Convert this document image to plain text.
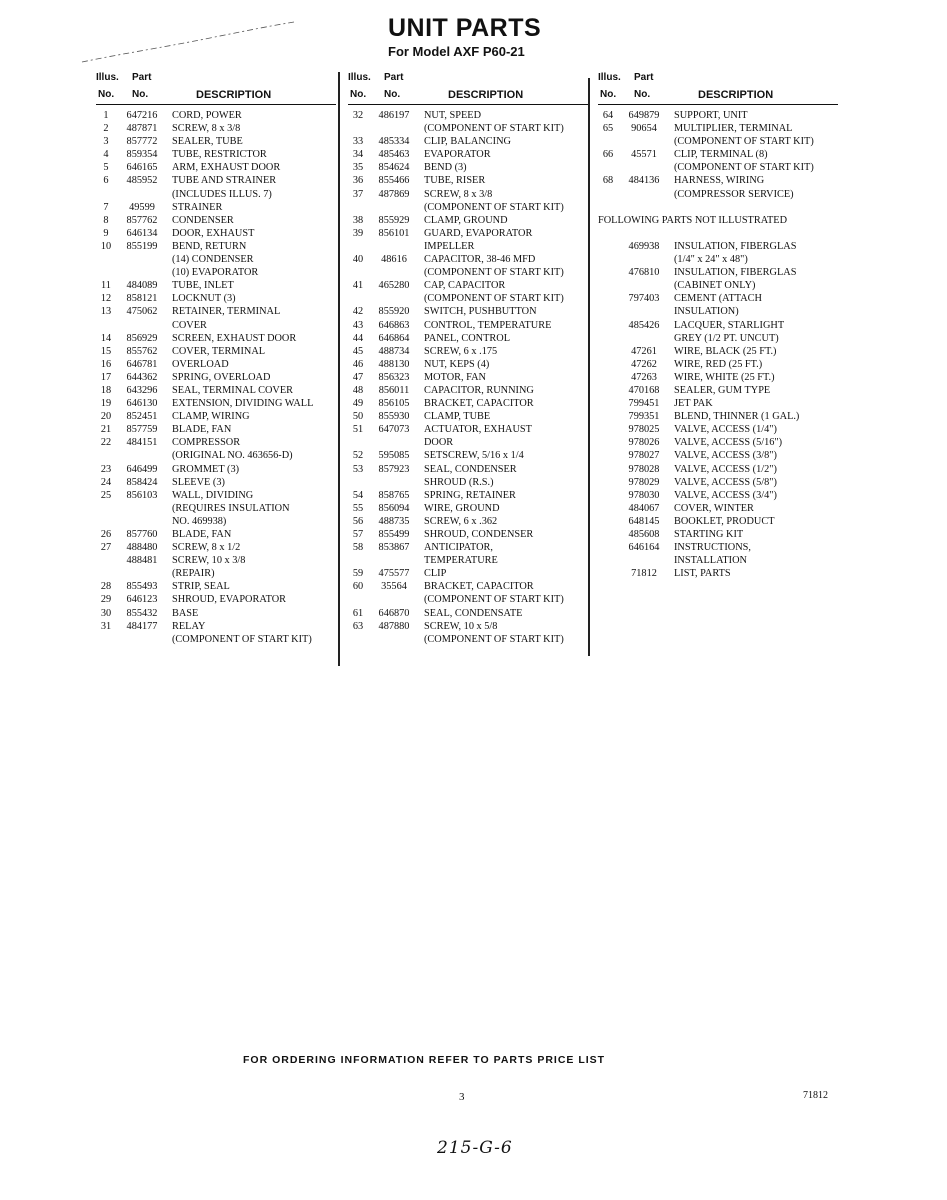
UNIT PARTS
For Model AXF P60-21
Illus.
No.
Part
No.	DESCRIPTION
1	647216	CORD, POWER
2	487871	SCREW, 8 x 3/8
3	857772	SEALER, TUBE
4	859354	TUBE, RESTRICTOR
5	646165	ARM, EXHAUST DOOR
6	485952	TUBE AND STRAINER

(INCLUDES ILLUS. 7)
7	49599	STRAINER
8	857762	CONDENSER
9	646134	DOOR, EXHAUST
10	855199	BEND, RETURN

(14) CONDENSER

(10) EVAPORATOR
11	484089	TUBE, INLET
12	858121	LOCKNUT (3)
13	475062	RETAINER, TERMINAL

COVER
14	856929	SCREEN, EXHAUST DOOR
15	855762	COVER, TERMINAL
16	646781	OVERLOAD
17	644362	SPRING, OVERLOAD
18	643296	SEAL, TERMINAL COVER
19	646130	EXTENSION, DIVIDING WALL
20	852451	CLAMP, WIRING
21	857759	BLADE, FAN
22	484151	COMPRESSOR

(ORIGINAL NO. 463656-D)
23	646499	GROMMET (3)
24	858424	SLEEVE (3)
25	856103	WALL, DIVIDING

(REQUIRES INSULATION

NO. 469938)
26	857760	BLADE, FAN
27	488480	SCREW, 8 x 1/2

488481	SCREW, 10 x 3/8

(REPAIR)
28	855493	STRIP, SEAL
29	646123	SHROUD, EVAPORATOR
30	855432	BASE
31	484177	RELAY

(COMPONENT OF START KIT)
Illus.
No.
Part
No.	DESCRIPTION
32	486197	NUT, SPEED

(COMPONENT OF START KIT)
33	485334	CLIP, BALANCING
34	485463	EVAPORATOR
35	854624	BEND (3)
36	855466	TUBE, RISER
37	487869	SCREW, 8 x 3/8

(COMPONENT OF START KIT)
38	855929	CLAMP, GROUND
39	856101	GUARD, EVAPORATOR

IMPELLER
40	48616	CAPACITOR, 38-46 MFD

(COMPONENT OF START KIT)
41	465280	CAP, CAPACITOR

(COMPONENT OF START KIT)
42	855920	SWITCH, PUSHBUTTON
43	646863	CONTROL, TEMPERATURE
44	646864	PANEL, CONTROL
45	488734	SCREW, 6 x .175
46	488130	NUT, KEPS (4)
47	856323	MOTOR, FAN
48	856011	CAPACITOR, RUNNING
49	856105	BRACKET, CAPACITOR
50	855930	CLAMP, TUBE
51	647073	ACTUATOR, EXHAUST

DOOR
52	595085	SETSCREW, 5/16 x 1/4
53	857923	SEAL, CONDENSER

SHROUD (R.S.)
54	858765	SPRING, RETAINER
55	856094	WIRE, GROUND
56	488735	SCREW, 6 x .362
57	855499	SHROUD, CONDENSER
58	853867	ANTICIPATOR,

TEMPERATURE
59	475577	CLIP
60	35564	BRACKET, CAPACITOR

(COMPONENT OF START KIT)
61	646870	SEAL, CONDENSATE
63	487880	SCREW, 10 x 5/8

(COMPONENT OF START KIT)
Illus.
No.
Part
No.	DESCRIPTION
64	649879	SUPPORT, UNIT
65	90654	MULTIPLIER, TERMINAL

(COMPONENT OF START KIT)
66	45571	CLIP, TERMINAL (8)

(COMPONENT OF START KIT)
68	484136	HARNESS, WIRING

(COMPRESSOR SERVICE)

FOLLOWING PARTS NOT ILLUSTRATED

469938	INSULATION, FIBERGLAS

(1/4" x 24" x 48")

476810	INSULATION, FIBERGLAS

(CABINET ONLY)

797403	CEMENT (ATTACH

INSULATION)

485426	LACQUER, STARLIGHT

GREY (1/2 PT. UNCUT)

47261	WIRE, BLACK (25 FT.)

47262	WIRE, RED (25 FT.)

47263	WIRE, WHITE (25 FT.)

470168	SEALER, GUM TYPE

799451	JET PAK

799351	BLEND, THINNER (1 GAL.)

978025	VALVE, ACCESS (1/4")

978026	VALVE, ACCESS (5/16")

978027	VALVE, ACCESS (3/8")

978028	VALVE, ACCESS (1/2")

978029	VALVE, ACCESS (5/8")

978030	VALVE, ACCESS (3/4")

484067	COVER, WINTER

648145	BOOKLET, PRODUCT

485608	STARTING KIT

646164	INSTRUCTIONS,

INSTALLATION

71812	LIST, PARTS
FOR ORDERING INFORMATION REFER TO PARTS PRICE LIST
3	71812
215-G-6
